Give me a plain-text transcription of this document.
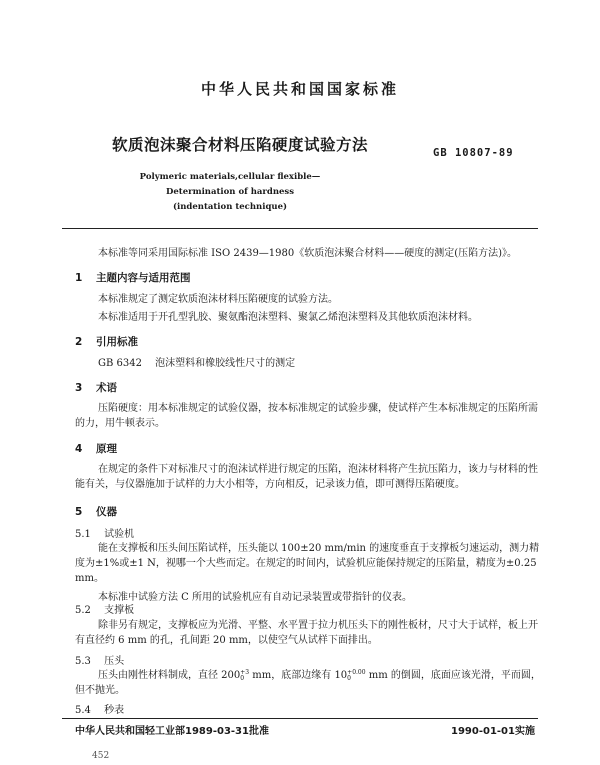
中华人民共和国国家标准
软质泡沫聚合材料压陷硬度试验方法	GB 10807-89
Polymeric materials,cellular flexible—
Determination of hardness
(indentation technique)
本标准等同采用国际标准 ISO 2439—1980《软质泡沫聚合材料——硬度的测定(压陷方法)》。
1 主题内容与适用范围
本标准规定了测定软质泡沫材料压陷硬度的试验方法。
本标准适用于开孔型乳胶、聚氨酯泡沫塑料、聚氯乙烯泡沫塑料及其他软质泡沫材料。
2 引用标准
GB 6342 泡沫塑料和橡胶线性尺寸的测定
3 术语
压陷硬度：用本标准规定的试验仪器，按本标准规定的试验步骤，使试样产生本标准规定的压陷所需的力，用牛顿表示。
4 原理
在规定的条件下对标准尺寸的泡沫试样进行规定的压陷，泡沫材料将产生抗压陷力，该力与材料的性能有关，与仪器施加于试样的力大小相等，方向相反，记录该力值，即可测得压陷硬度。
5 仪器
5.1 试验机
能在支撑板和压头间压陷试样，压头能以 100±20 mm/min 的速度垂直于支撑板匀速运动，测力精度为±1%或±1 N，视哪一个大些而定。在规定的时间内，试验机应能保持规定的压陷量，精度为±0.25 mm。
本标准中试验方法 C 所用的试验机应有自动记录装置或带指针的仪表。
5.2 支撑板
除非另有规定，支撑板应为光滑、平整、水平置于拉力机压头下的刚性板材，尺寸大于试样，板上开有直径约 6 mm 的孔，孔间距 20 mm，以使空气从试样下面排出。
5.3 压头
压头由刚性材料制成，直径 200 +3
0 mm，底部边缘有 10 +0.00
0	mm 的倒圆，底面应该光滑，平而圆，但不抛光。
5.4 秒表
中华人民共和国轻工业部1989-03-31批准	1990-01-01实施
452
